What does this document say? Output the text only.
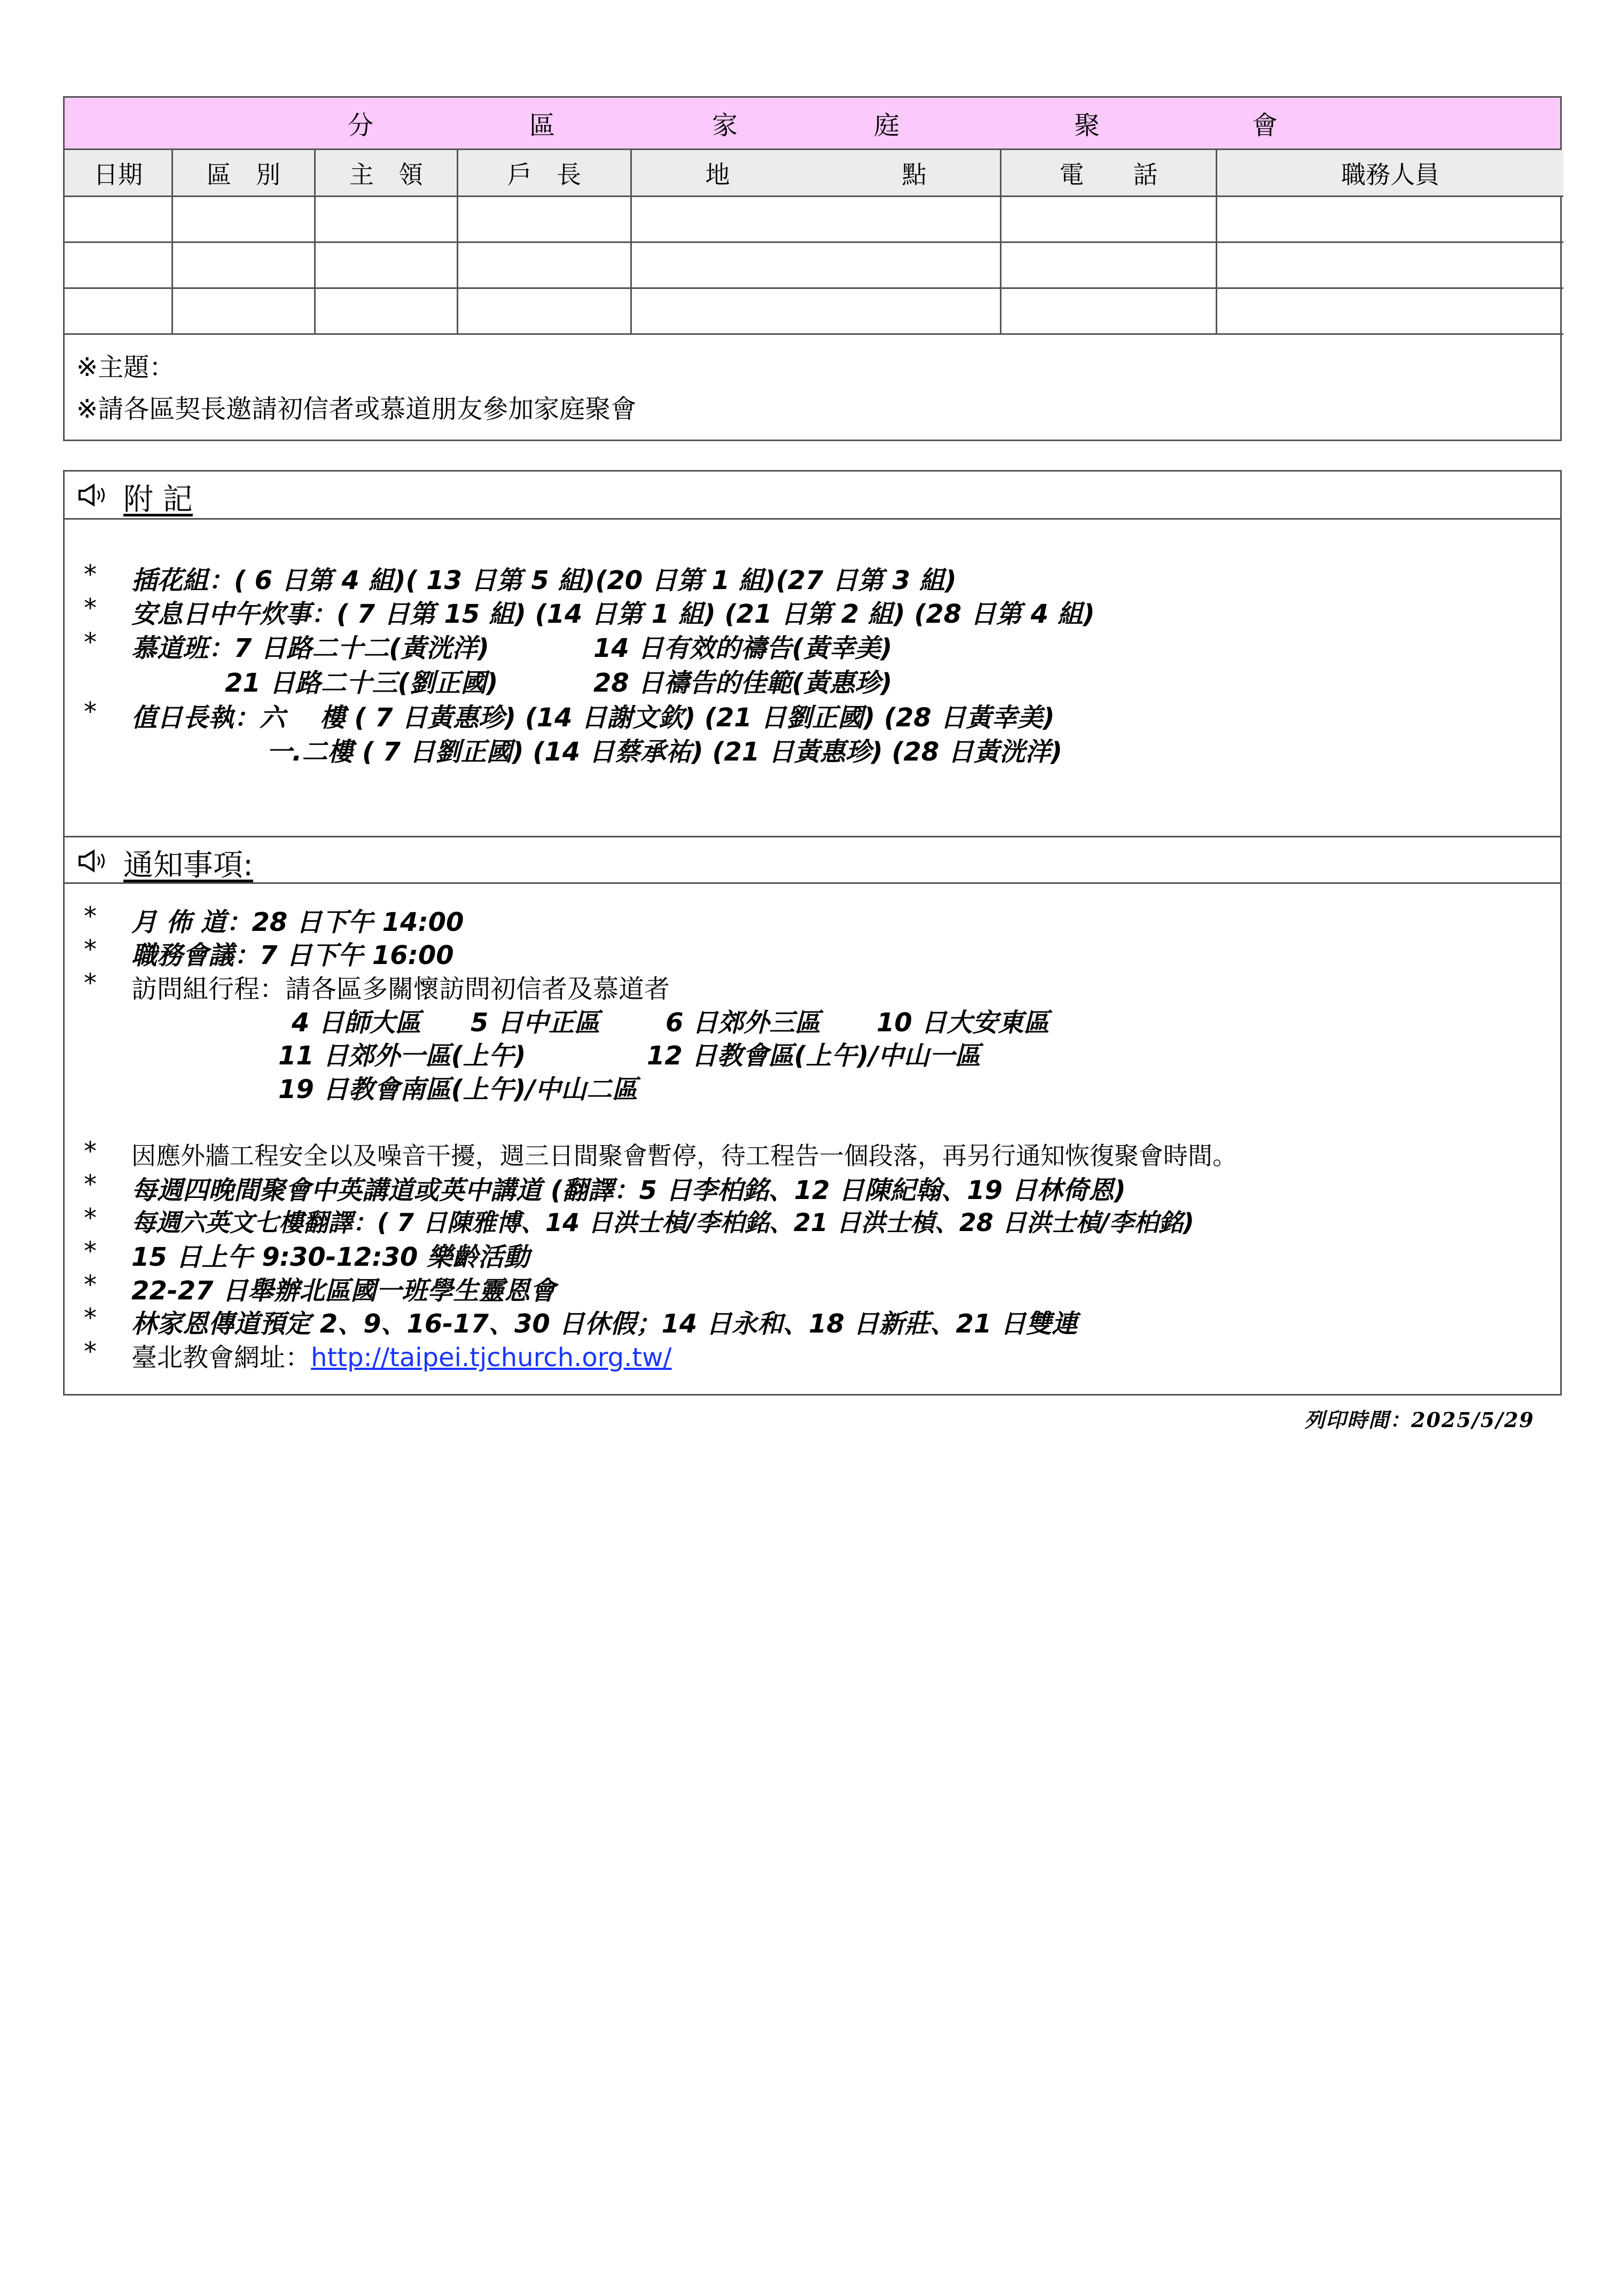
分	區	家	庭	聚	會
日期	區　別	主　領	戶　長	地　　　　　　　點	電　　話	職務人員
※主題：
※請各區契長邀請初信者或慕道朋友參加家庭聚會
附 記
* 插花組：( 6 日第 4 組)( 13 日第 5 組)(20 日第 1 組)(27 日第 3 組)
* 安息日中午炊事：( 7 日第 15 組) (14 日第 1 組) (21 日第 2 組) (28 日第 4 組)
* 慕道班：7 日路二十二(黃洸洋)	14 日有效的禱告(黃幸美)
21 日路二十三(劉正國)	28 日禱告的佳範(黃惠珍)
* 值日長執：六　 樓 ( 7 日黃惠珍) (14 日謝文欽) (21 日劉正國) (28 日黃幸美)
一.二樓 ( 7 日劉正國) (14 日蔡承祐) (21 日黃惠珍) (28 日黃洸洋)
通知事項:
* 月 佈 道：28 日下午 14:00
* 職務會議：7 日下午 16:00
* 訪問組行程：請各區多關懷訪問初信者及慕道者
4 日師大區 5 日中正區	6 日郊外三區 10 日大安東區
11 日郊外一區(上午)	12 日教會區(上午)/中山一區
19 日教會南區(上午)/中山二區
* 因應外牆工程安全以及噪音干擾，週三日間聚會暫停，待工程告一個段落，再另行通知恢復聚會時間。
* 每週四晚間聚會中英講道或英中講道 (翻譯：5 日李柏銘、12 日陳紀翰、19 日林倚恩)
* 每週六英文七樓翻譯：( 7 日陳雅博、14 日洪士楨/李柏銘、21 日洪士楨、28 日洪士楨/李柏銘)
* 15 日上午 9:30-12:30 樂齡活動
* 22-27 日舉辦北區國一班學生靈恩會
* 林家恩傳道預定 2、9、16-17、30 日休假；14 日永和、18 日新莊、21 日雙連
* 臺北教會網址：http://taipei.tjchurch.org.tw/
列印時間：2025/5/29
